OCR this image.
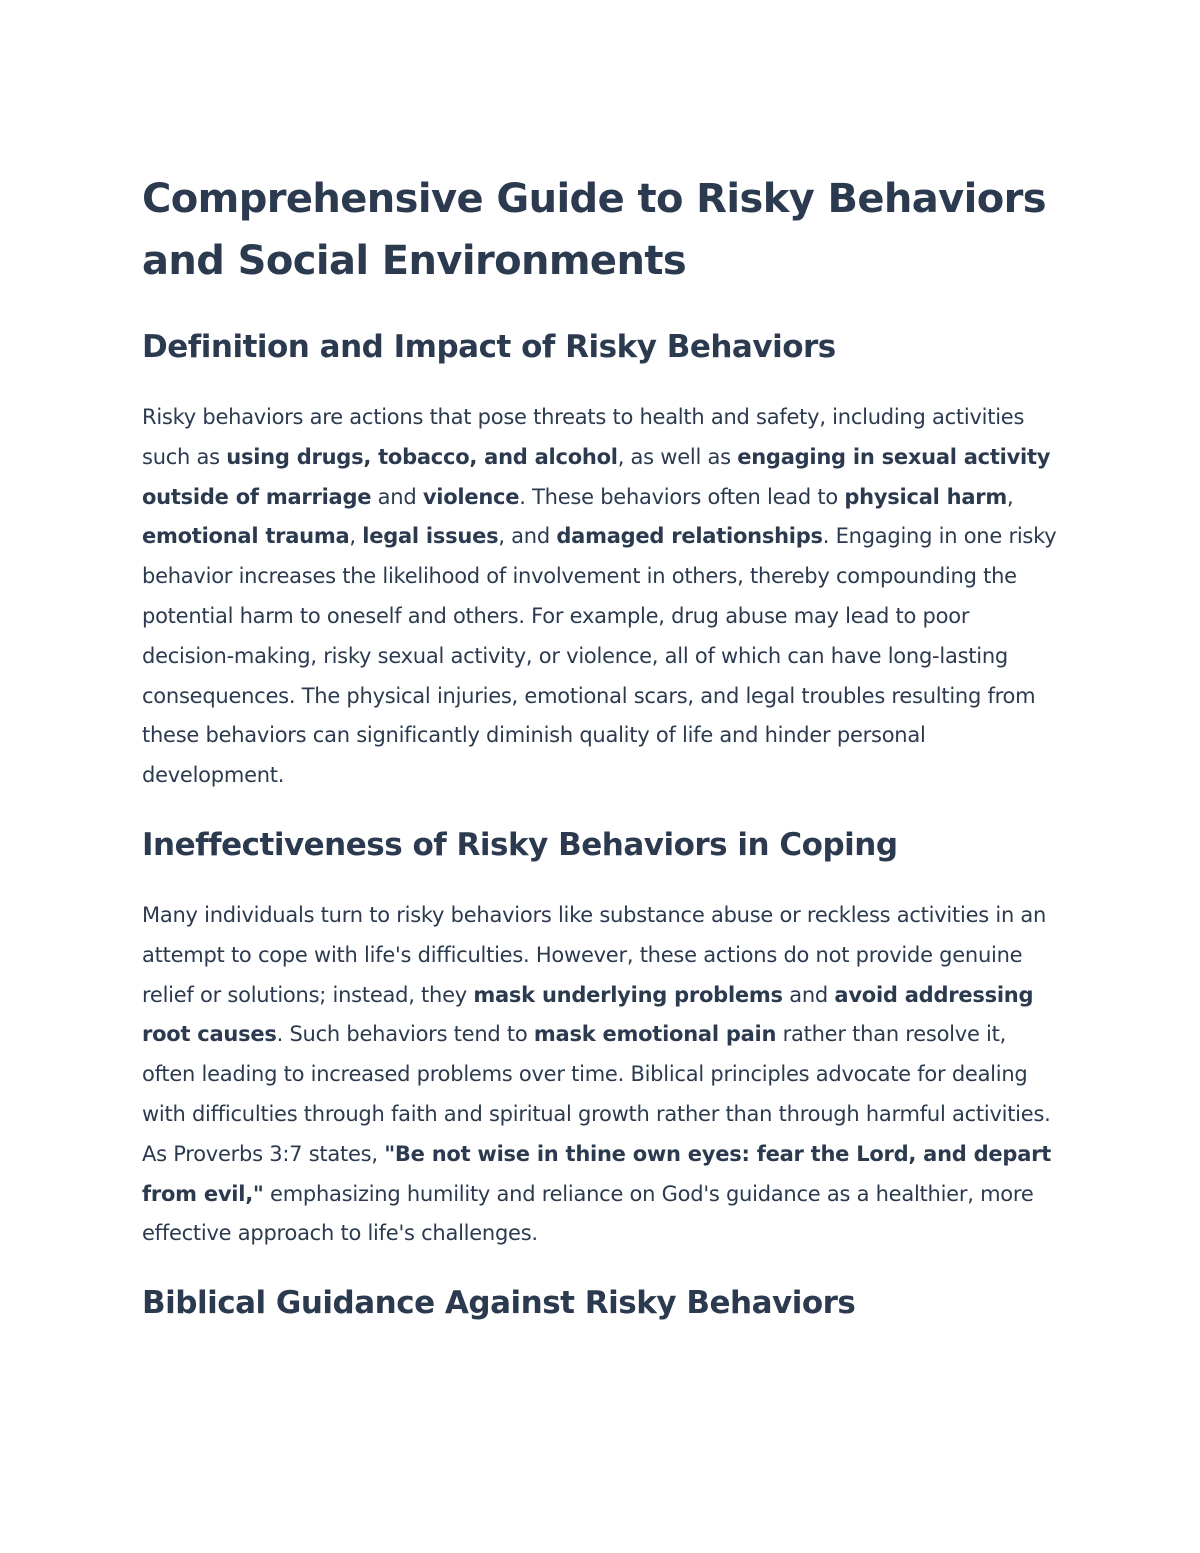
Comprehensive Guide to Risky Behaviors and Social Environments
Definition and Impact of Risky Behaviors

Risky behaviors are actions that pose threats to health and safety, including activities such as using drugs, tobacco, and alcohol, as well as engaging in sexual activity outside of marriage and violence. These behaviors often lead to physical harm, emotional trauma, legal issues, and damaged relationships. Engaging in one risky behavior increases the likelihood of involvement in others, thereby compounding the potential harm to oneself and others. For example, drug abuse may lead to poor decision-making, risky sexual activity, or violence, all of which can have long-lasting consequences. The physical injuries, emotional scars, and legal troubles resulting from these behaviors can significantly diminish quality of life and hinder personal development.

Ineffectiveness of Risky Behaviors in Coping

Many individuals turn to risky behaviors like substance abuse or reckless activities in an attempt to cope with life's difficulties. However, these actions do not provide genuine relief or solutions; instead, they mask underlying problems and avoid addressing root causes. Such behaviors tend to mask emotional pain rather than resolve it, often leading to increased problems over time. Biblical principles advocate for dealing with difficulties through faith and spiritual growth rather than through harmful activities. As Proverbs 3:7 states, "Be not wise in thine own eyes: fear the Lord, and depart from evil," emphasizing humility and reliance on God's guidance as a healthier, more effective approach to life's challenges.

Biblical Guidance Against Risky Behaviors
